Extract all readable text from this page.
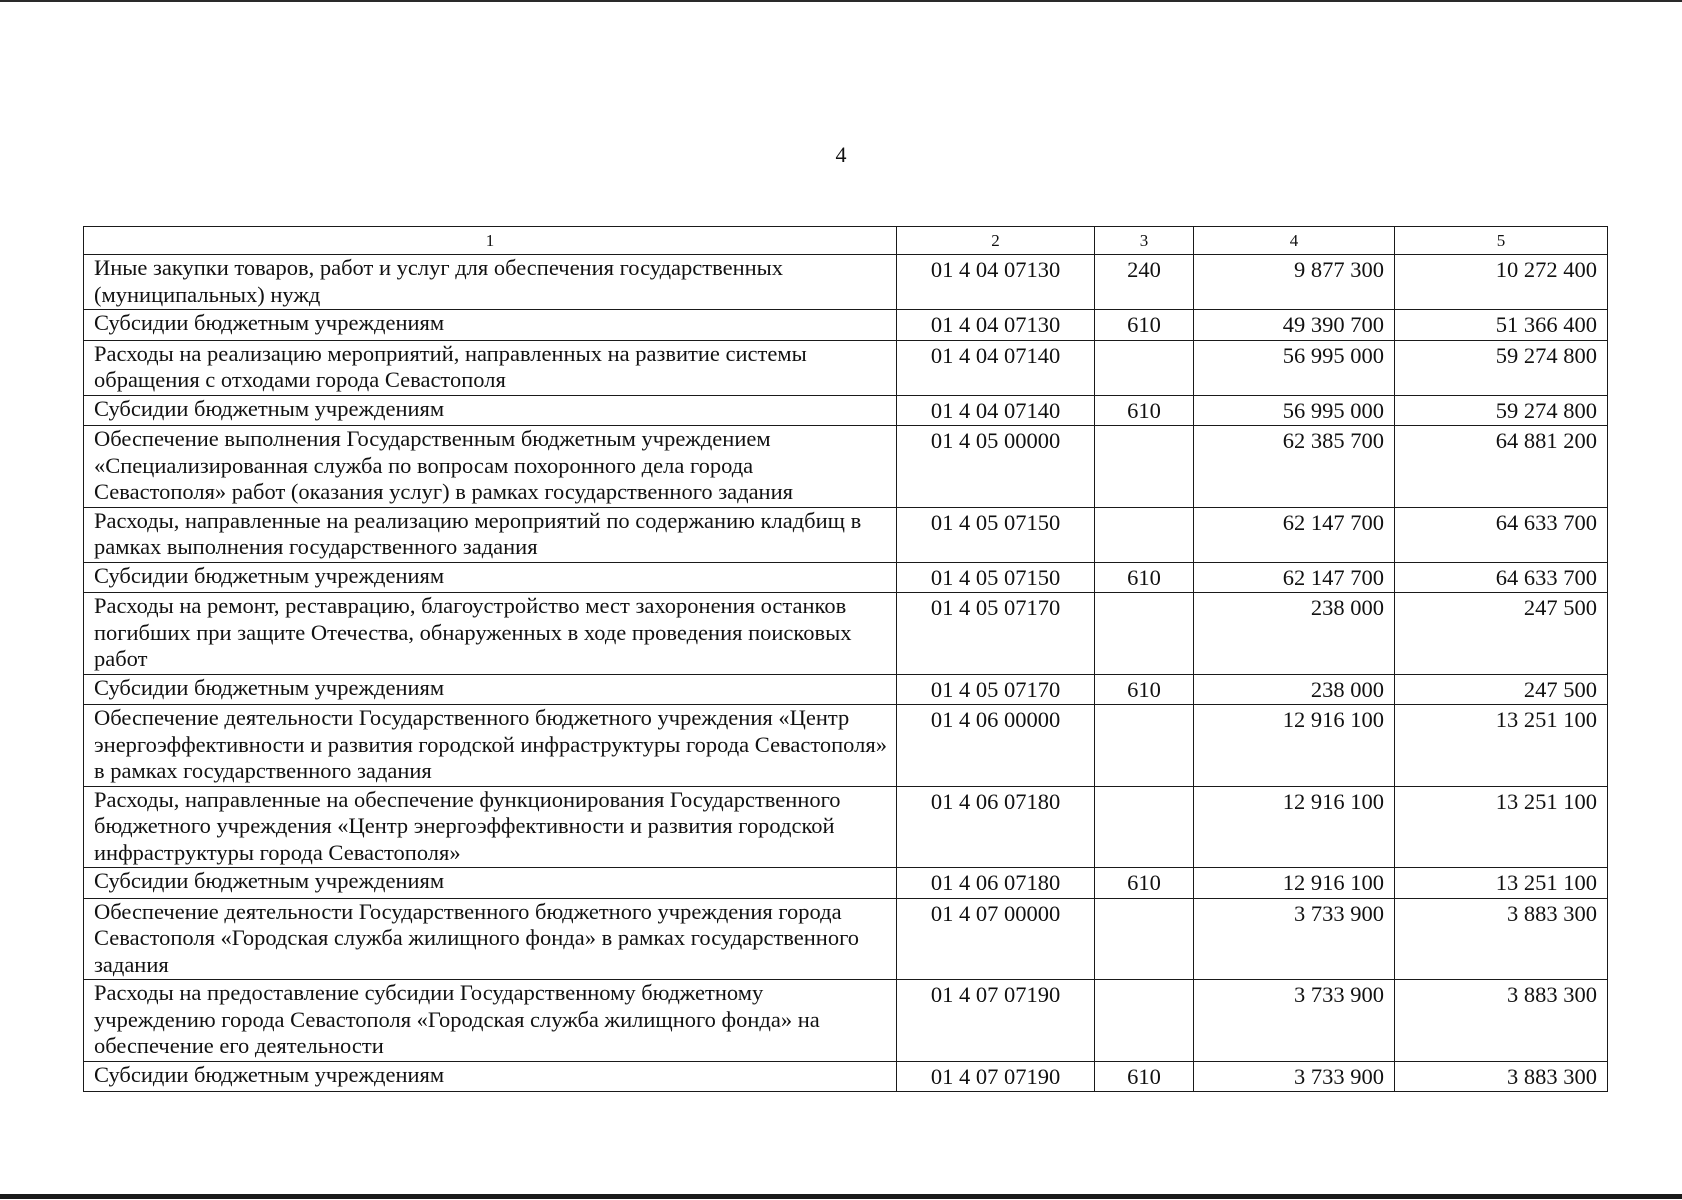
4
1	2	3	4	5
Иные закупки товаров, работ и услуг для обеспечения государственных (муниципальных) нужд	01 4 04 07130	240	9 877 300	10 272 400
Субсидии бюджетным учреждениям	01 4 04 07130	610	49 390 700	51 366 400
Расходы на реализацию мероприятий, направленных на развитие системы обращения с отходами города Севастополя	01 4 04 07140		56 995 000	59 274 800
Субсидии бюджетным учреждениям	01 4 04 07140	610	56 995 000	59 274 800
Обеспечение выполнения Государственным бюджетным учреждением «Специализированная служба по вопросам похоронного дела города Севастополя» работ (оказания услуг) в рамках государственного задания	01 4 05 00000		62 385 700	64 881 200
Расходы, направленные на реализацию мероприятий по содержанию кладбищ в рамках выполнения государственного задания	01 4 05 07150		62 147 700	64 633 700
Субсидии бюджетным учреждениям	01 4 05 07150	610	62 147 700	64 633 700
Расходы на ремонт, реставрацию, благоустройство мест захоронения останков погибших при защите Отечества, обнаруженных в ходе проведения поисковых работ	01 4 05 07170		238 000	247 500
Субсидии бюджетным учреждениям	01 4 05 07170	610	238 000	247 500
Обеспечение деятельности Государственного бюджетного учреждения «Центр энергоэффективности и развития городской инфраструктуры города Севастополя» в рамках государственного задания	01 4 06 00000		12 916 100	13 251 100
Расходы, направленные на обеспечение функционирования Государственного бюджетного учреждения «Центр энергоэффективности и развития городской инфраструктуры города Севастополя»	01 4 06 07180		12 916 100	13 251 100
Субсидии бюджетным учреждениям	01 4 06 07180	610	12 916 100	13 251 100
Обеспечение деятельности Государственного бюджетного учреждения города Севастополя «Городская служба жилищного фонда» в рамках государственного задания	01 4 07 00000		3 733 900	3 883 300
Расходы на предоставление субсидии Государственному бюджетному учреждению города Севастополя «Городская служба жилищного фонда» на обеспечение его деятельности	01 4 07 07190		3 733 900	3 883 300
Субсидии бюджетным учреждениям	01 4 07 07190	610	3 733 900	3 883 300
